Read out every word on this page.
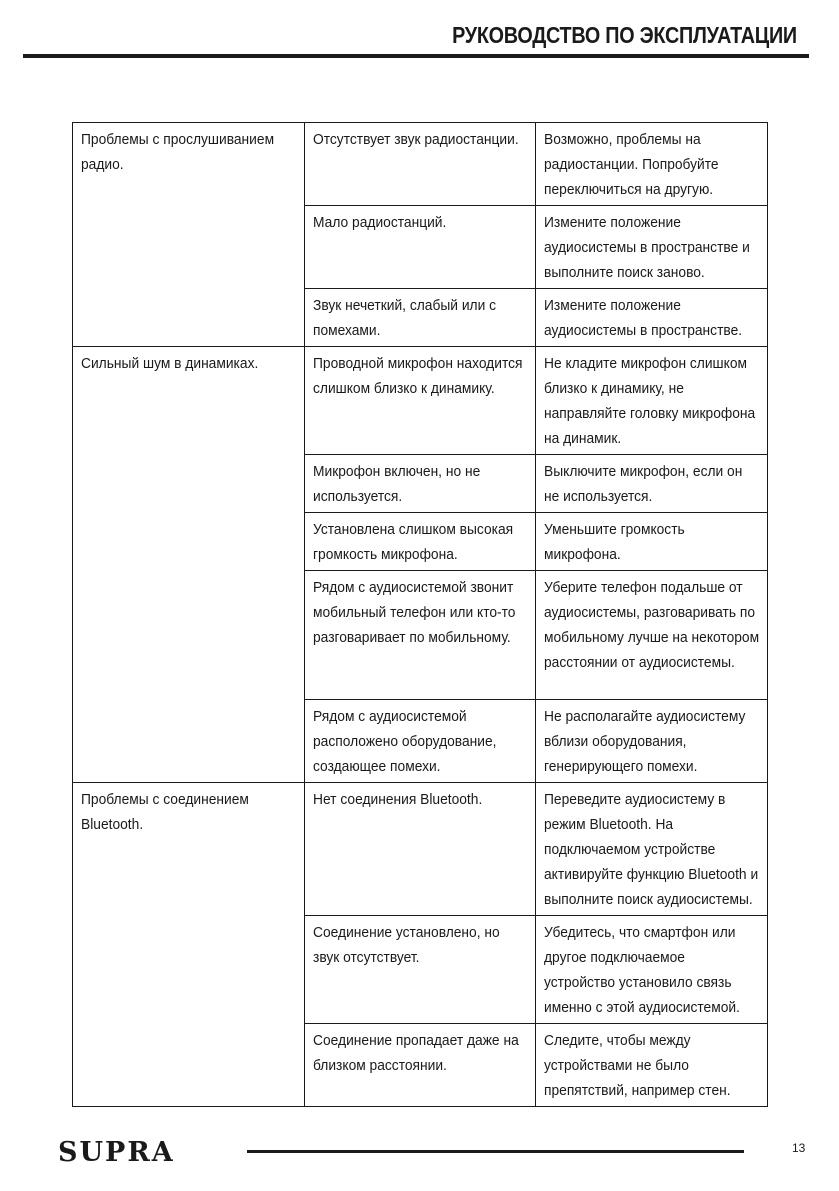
РУКОВОДСТВО ПО ЭКСПЛУАТАЦИИ
Проблемы с прослушиванием радио.	Отсутствует звук радиостанции.	Возможно, проблемы на радиостанции. Попробуйте переключиться на другую.

	Мало радиостанций.	Измените положение аудиосистемы в пространстве и выполните поиск заново.

	Звук нечеткий, слабый или с помехами.	Измените положение аудиосистемы в пространстве.

Сильный шум в динамиках.	Проводной микрофон находится слишком близко к динамику.	Не кладите микрофон слишком близко к динамику, не направляйте головку микрофона на динамик.

	Микрофон включен, но не используется.	Выключите микрофон, если он не используется.

	Установлена слишком высокая громкость микрофона.	Уменьшите громкость микрофона.

	Рядом с аудиосистемой звонит мобильный телефон или кто-то разговаривает по мобильному.	Уберите телефон подальше от аудиосистемы, разговаривать по мобильному лучше на некотором расстоянии от аудиосистемы.

	Рядом с аудиосистемой расположено оборудование, создающее помехи.	Не располагайте аудиосистему вблизи оборудования, генерирующего помехи.

Проблемы с соединением Bluetooth.	Нет соединения Bluetooth.	Переведите аудиосистему в режим Bluetooth. На подключаемом устройстве активируйте функцию Bluetooth и выполните поиск аудиосистемы.

	Соединение установлено, но звук отсутствует.	Убедитесь, что смартфон или другое подключаемое устройство установило связь именно с этой аудиосистемой.

	Соединение пропадает даже на близком расстоянии.	Следите, чтобы между устройствами не было препятствий, например стен.
SUPRA	13
